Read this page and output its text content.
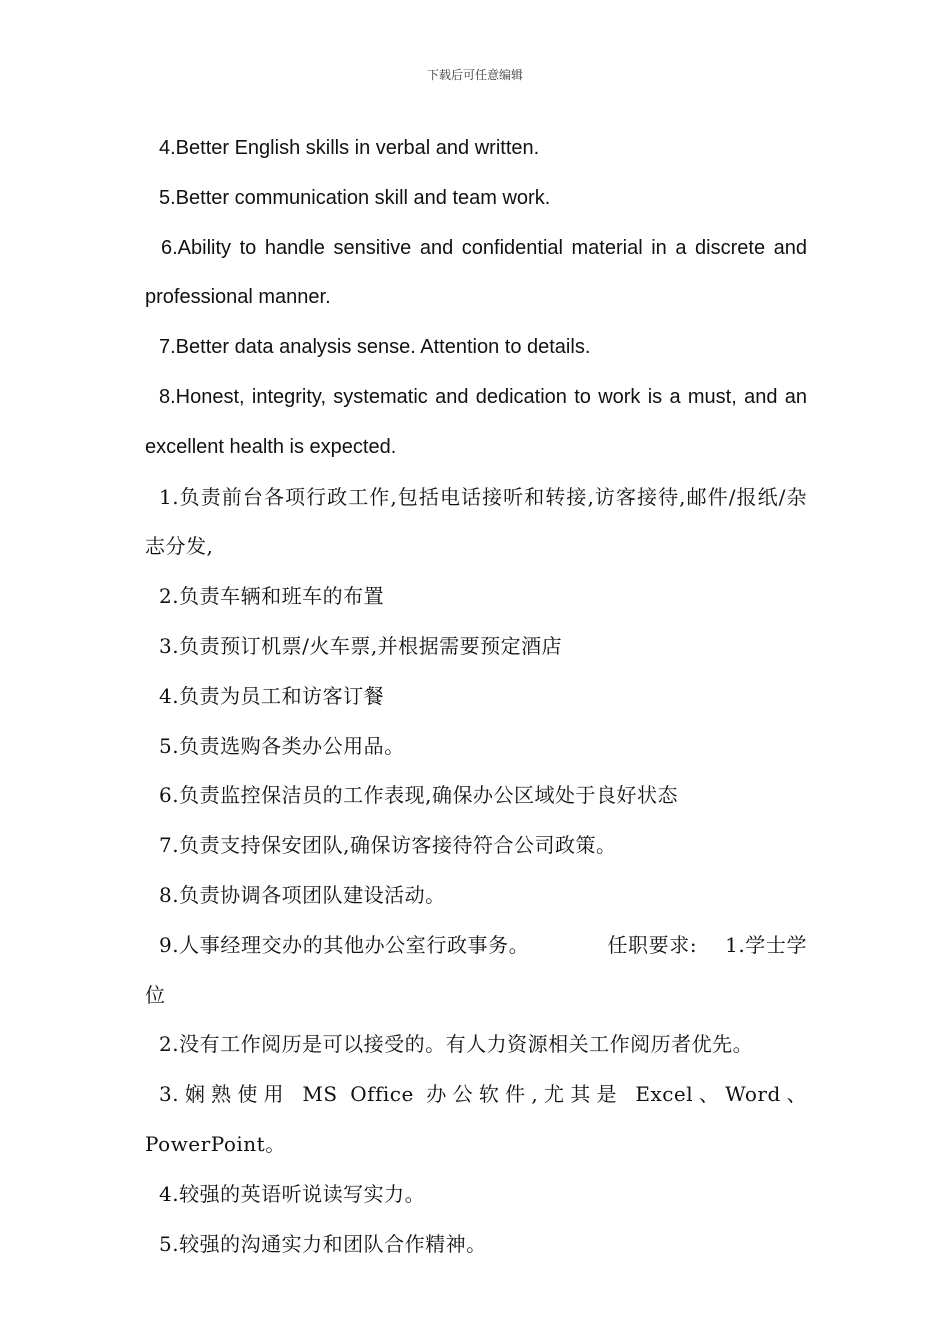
下载后可任意编辑

4.Better English skills in verbal and written.

5.Better communication skill and team work.

6.Ability to handle sensitive and confidential material in a discrete and professional manner.

7.Better data analysis sense. Attention to details.

8.Honest, integrity, systematic and dedication to work is a must, and an excellent health is expected.

1.负责前台各项行政工作,包括电话接听和转接,访客接待,邮件/报纸/杂志分发,

2.负责车辆和班车的布置

3.负责预订机票/火车票,并根据需要预定酒店

4.负责为员工和访客订餐

5.负责选购各类办公用品。

6.负责监控保洁员的工作表现,确保办公区域处于良好状态

7.负责支持保安团队,确保访客接待符合公司政策。

8.负责协调各项团队建设活动。

9.人事经理交办的其他办公室行政事务。	任职要求: 1.学士学位

2.没有工作阅历是可以接受的。有人力资源相关工作阅历者优先。

3.娴熟使用 MS Office 办公软件,尤其是 Excel、Word、PowerPoint。

4.较强的英语听说读写实力。

5.较强的沟通实力和团队合作精神。
